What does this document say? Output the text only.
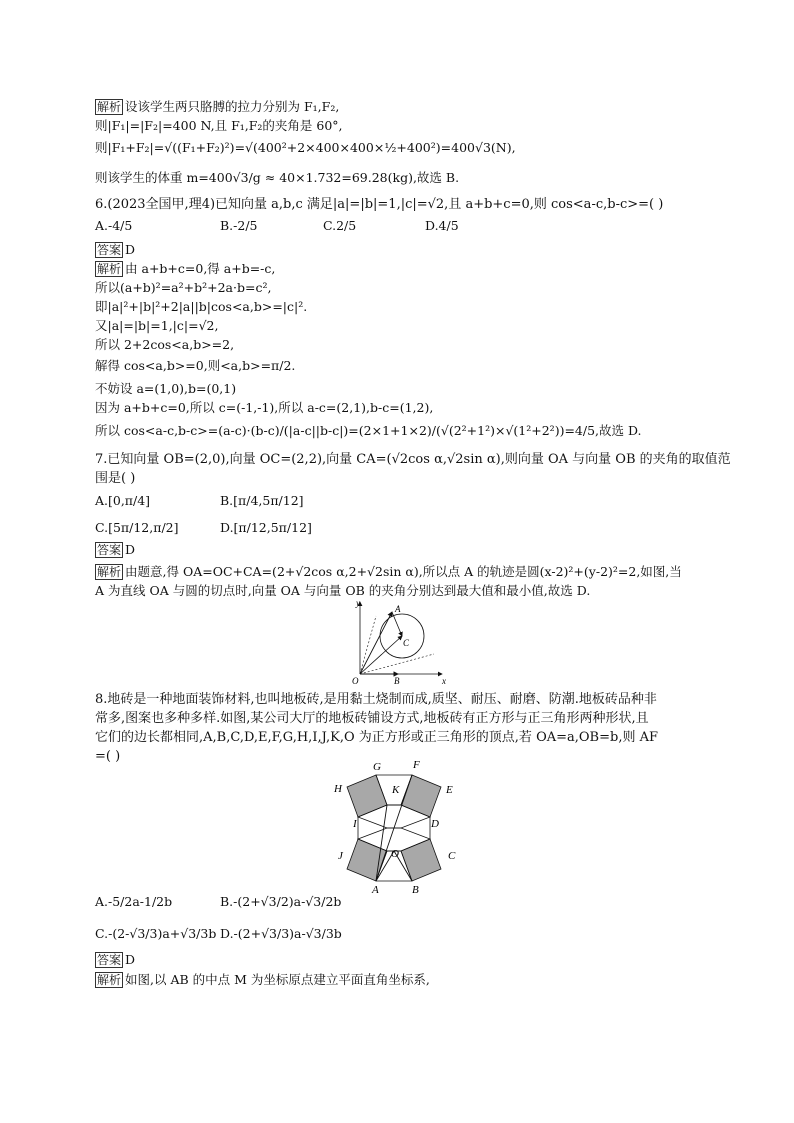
解析 设该学生两只胳膊的拉力分别为 F₁,F₂,
则|F₁|=|F₂|=400 N,且 F₁,F₂的夹角是 60°,
则|F₁+F₂|=√((F₁+F₂)²)=√(400²+2×400×400×½+400²)=400√3(N),
则该学生的体重 m=400√3/g ≈ 40×1.732=69.28(kg),故选 B.
6.(2023全国甲,理4)已知向量 a,b,c 满足|a|=|b|=1,|c|=√2,且 a+b+c=0,则 cos<a-c,b-c>=( )
A.-4/5	B.-2/5	C.2/5	D.4/5
答案 D
解析 由 a+b+c=0,得 a+b=-c,
所以(a+b)²=a²+b²+2a·b=c²,
即|a|²+|b|²+2|a||b|cos<a,b>=|c|².
又|a|=|b|=1,|c|=√2,
所以 2+2cos<a,b>=2,
解得 cos<a,b>=0,则<a,b>=π/2.
不妨设 a=(1,0),b=(0,1)
因为 a+b+c=0,所以 c=(-1,-1),所以 a-c=(2,1),b-c=(1,2),
所以 cos<a-c,b-c>=(a-c)·(b-c)/(|a-c||b-c|)=(2×1+1×2)/(√(2²+1²)×√(1²+2²))=4/5,故选 D.
7.已知向量 OB=(2,0),向量 OC=(2,2),向量 CA=(√2cos α,√2sin α),则向量 OA 与向量 OB 的夹角的取值范
围是( )
A.[0,π/4]	B.[π/4,5π/12]
C.[5π/12,π/2]	D.[π/12,5π/12]
答案 D
解析 由题意,得 OA=OC+CA=(2+√2cos α,2+√2sin α),所以点 A 的轨迹是圆(x-2)²+(y-2)²=2,如图,当
A 为直线 OA 与圆的切点时,向量 OA 与向量 OB 的夹角分别达到最大值和最小值,故选 D.
y
x
O	B
A
C
8.地砖是一种地面装饰材料,也叫地板砖,是用黏土烧制而成,质坚、耐压、耐磨、防潮.地板砖品种非
常多,图案也多种多样.如图,某公司大厅的地板砖铺设方式,地板砖有正方形与正三角形两种形状,且
它们的边长都相同,A,B,C,D,E,F,G,H,I,J,K,O 为正方形或正三角形的顶点,若 OA=a,OB=b,则 AF
=( )
G	F
H	E
K
I	D
J	O	C
A	B
A.-5/2a-1/2b	B.-(2+√3/2)a-√3/2b
C.-(2-√3/3)a+√3/3b D.-(2+√3/3)a-√3/3b
答案 D
解析 如图,以 AB 的中点 M 为坐标原点建立平面直角坐标系,
